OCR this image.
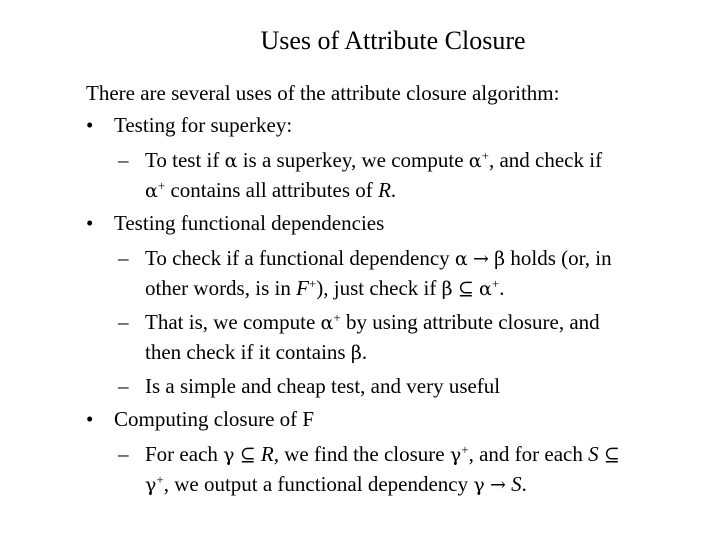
Uses of Attribute Closure
There are several uses of the attribute closure algorithm:
• Testing for superkey:
– To test if α is a superkey, we compute α+, and check if
α+ contains all attributes of R.
• Testing functional dependencies
– To check if a functional dependency α → β holds (or, in
other words, is in F+), just check if β ⊆ α+.
– That is, we compute α+ by using attribute closure, and
then check if it contains β.
– Is a simple and cheap test, and very useful
• Computing closure of F
– For each γ ⊆ R, we find the closure γ+, and for each S ⊆
γ+, we output a functional dependency γ → S.
